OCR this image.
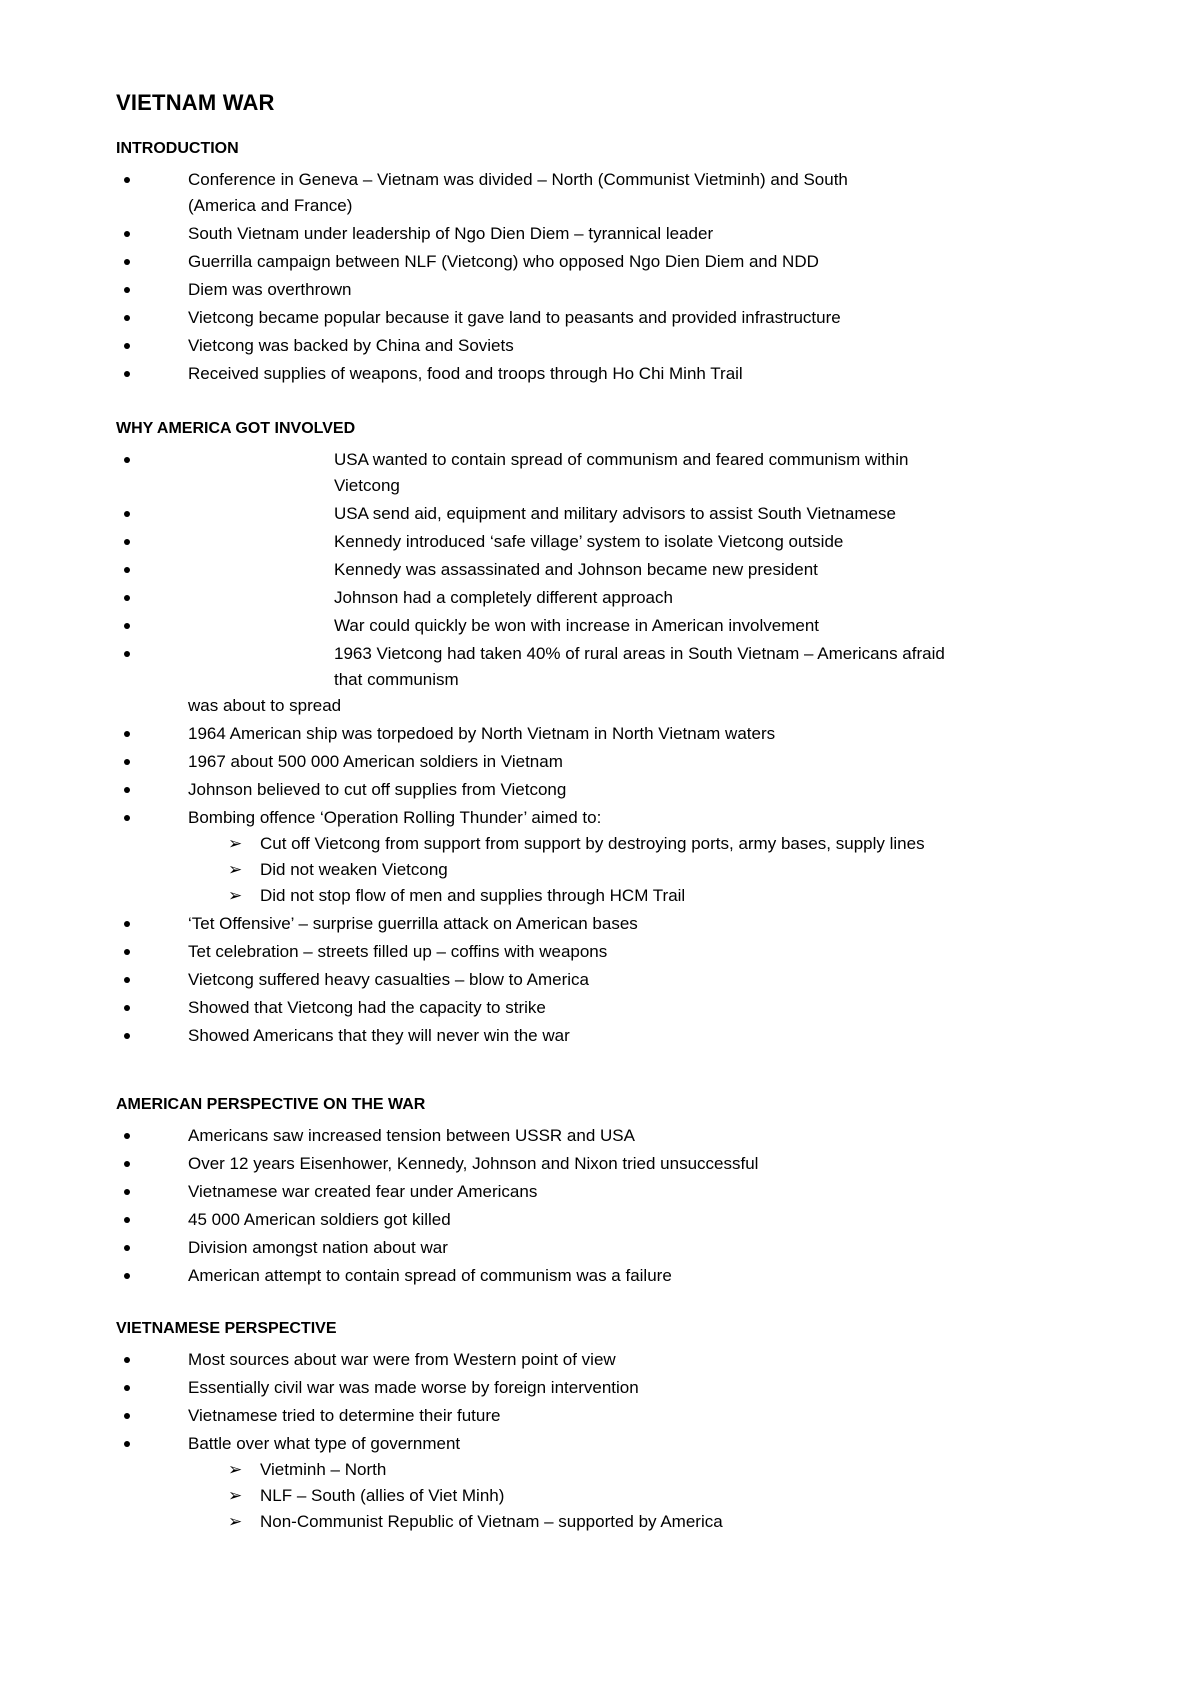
VIETNAM WAR
INTRODUCTION
Conference in Geneva – Vietnam was divided – North (Communist Vietminh) and South
(America and France)
South Vietnam under leadership of Ngo Dien Diem – tyrannical leader
Guerrilla campaign between NLF (Vietcong) who opposed Ngo Dien Diem and NDD
Diem was overthrown
Vietcong became popular because it gave land to peasants and provided infrastructure
Vietcong was backed by China and Soviets
Received supplies of weapons, food and troops through Ho Chi Minh Trail
WHY AMERICA GOT INVOLVED
USA wanted to contain spread of communism and feared communism within
Vietcong
USA send aid, equipment and military advisors to assist South Vietnamese
Kennedy introduced ‘safe village’ system to isolate Vietcong outside
Kennedy was assassinated and Johnson became new president
Johnson had a completely different approach
War could quickly be won with increase in American involvement
1963 Vietcong had taken 40% of rural areas in South Vietnam – Americans afraid
that communism
was about to spread
1964 American ship was torpedoed by North Vietnam in North Vietnam waters
1967 about 500 000 American soldiers in Vietnam
Johnson believed to cut off supplies from Vietcong
Bombing offence ‘Operation Rolling Thunder’ aimed to:
➢ Cut off Vietcong from support from support by destroying ports, army bases, supply lines
➢ Did not weaken Vietcong
➢ Did not stop flow of men and supplies through HCM Trail
‘Tet Offensive’ – surprise guerrilla attack on American bases
Tet celebration – streets filled up – coffins with weapons
Vietcong suffered heavy casualties – blow to America
Showed that Vietcong had the capacity to strike
Showed Americans that they will never win the war
AMERICAN PERSPECTIVE ON THE WAR
Americans saw increased tension between USSR and USA
Over 12 years Eisenhower, Kennedy, Johnson and Nixon tried unsuccessful
Vietnamese war created fear under Americans
45 000 American soldiers got killed
Division amongst nation about war
American attempt to contain spread of communism was a failure
VIETNAMESE PERSPECTIVE
Most sources about war were from Western point of view
Essentially civil war was made worse by foreign intervention
Vietnamese tried to determine their future
Battle over what type of government
➢ Vietminh – North
➢ NLF – South (allies of Viet Minh)
➢ Non-Communist Republic of Vietnam – supported by America
